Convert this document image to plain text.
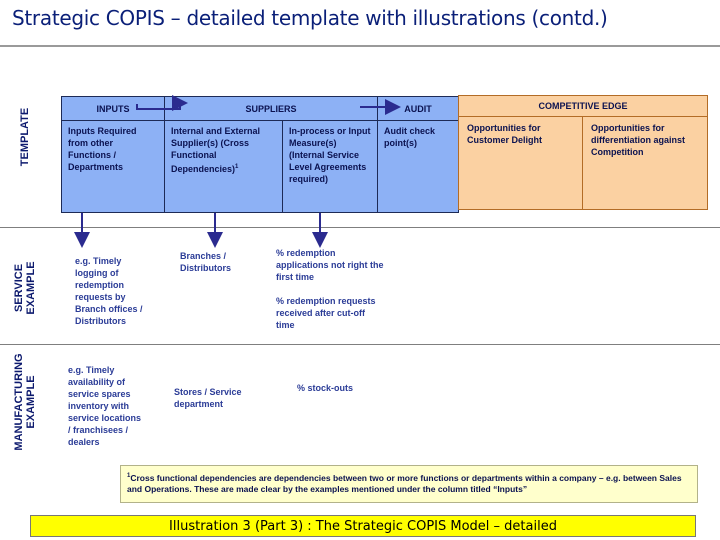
Strategic COPIS – detailed template with illustrations (contd.)
TEMPLATE
SERVICE EXAMPLE
MANUFACTURING EXAMPLE
INPUTS	SUPPLIERS	AUDIT
Inputs Required from other Functions / Departments
Internal and External Supplier(s) (Cross Functional Dependencies)$^1$
In-process or Input Measure(s) (Internal Service Level Agreements required)
Audit check point(s)
COMPETITIVE EDGE
Opportunities for Customer Delight
Opportunities for differentiation against Competition
e.g. Timely logging of redemption requests by Branch offices / Distributors
Branches / Distributors
% redemption applications not right the first time
% redemption requests received after cut-off time
e.g. Timely availability of service spares inventory with service locations / franchisees / dealers
Stores / Service department
% stock-outs
$^1$Cross functional dependencies are dependencies between two or more functions or departments within a company – e.g. between Sales and Operations. These are made clear by the examples mentioned under the column titled “Inputs”
Illustration 3 (Part 3) : The Strategic COPIS Model – detailed
